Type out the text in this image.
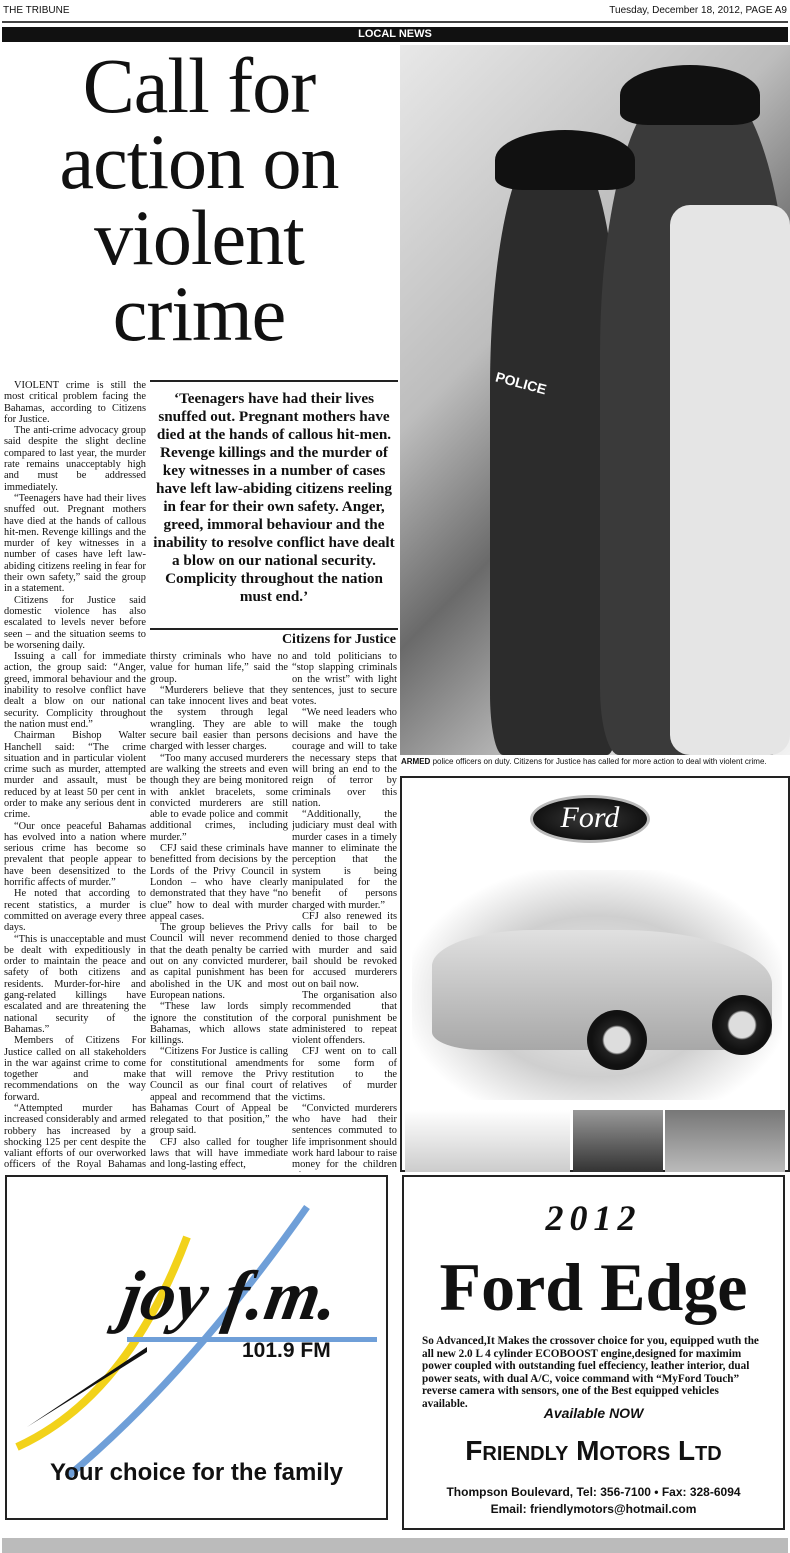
THE TRIBUNE	Tuesday, December 18, 2012, PAGE A9
LOCAL NEWS
Call for action on violent crime
POLICE
ARMED police officers on duty. Citizens for Justice has called for more action to deal with violent crime.

VIOLENT crime is still the most critical problem facing the Bahamas, according to Citizens for Justice.

The anti-crime advocacy group said despite the slight decline compared to last year, the murder rate remains unacceptably high and must be addressed immediately.

“Teenagers have had their lives snuffed out. Pregnant mothers have died at the hands of callous hit-men. Revenge killings and the murder of key witnesses in a number of cases have left law-abiding citizens reeling in fear for their own safety,” said the group in a statement.

Citizens for Justice said domestic violence has also escalated to levels never before seen – and the situation seems to be worsening daily.

Issuing a call for immediate action, the group said: “Anger, greed, immoral behaviour and the inability to resolve conflict have dealt a blow on our national security. Complicity throughout the nation must end.”

Chairman Bishop Walter Hanchell said: “The crime situation and in particular violent crime such as murder, attempted murder and assault, must be reduced by at least 50 per cent in order to make any serious dent in crime.

“Our once peaceful Bahamas has evolved into a nation where serious crime has become so prevalent that people appear to have been desensitized to the horrific affects of murder.”

He noted that according to recent statistics, a murder is committed on average every three days.

“This is unacceptable and must be dealt with expeditiously in order to maintain the peace and safety of both citizens and residents. Murder-for-hire and gang-related killings have escalated and are threatening the national security of the Bahamas.”

Members of Citizens For Justice called on all stakeholders in the war against crime to come together and make recommendations on the way forward.

“Attempted murder has increased considerably and armed robbery has increased by a shocking 125 per cent despite the valiant efforts of our overworked officers of the Royal Bahamas

thirsty criminals who have no value for human life,” said the group.

“Murderers believe that they can take innocent lives and beat the system through legal wrangling. They are able to secure bail easier than persons charged with lesser charges.

“Too many accused murderers are walking the streets and even though they are being monitored with anklet bracelets, some convicted murderers are still able to evade police and commit additional crimes, including murder.”

CFJ said these criminals have benefitted from decisions by the Lords of the Privy Council in London – who have clearly demonstrated that they have “no clue” how to deal with murder appeal cases.

The group believes the Privy Council will never recommend that the death penalty be carried out on any convicted murderer, as capital punishment has been abolished in the UK and most European nations.

“These law lords simply ignore the constitution of the Bahamas, which allows state killings.

“Citizens For Justice is calling for constitutional amendments that will remove the Privy Council as our final court of appeal and recommend that the Bahamas Court of Appeal be relegated to that position,” the group said.

CFJ also called for tougher laws that will have immediate and long-lasting effect,

and told politicians to “stop slapping criminals on the wrist” with light sentences, just to secure votes.

“We need leaders who will make the tough decisions and have the courage and will to take the necessary steps that will bring an end to the reign of terror by criminals over this nation.

“Additionally, the judiciary must deal with murder cases in a timely manner to eliminate the perception that the system is being manipulated for the benefit of persons charged with murder.”

CFJ also renewed its calls for bail to be denied to those charged with murder and said bail should be revoked for accused murderers out on bail now.

The organisation also recommended that corporal punishment be administered to repeat violent offenders.

CFJ went on to call for some form of restitution to the relatives of murder victims.

“Convicted murderers who have had their sentences commuted to life imprisonment should work hard labour to raise money for the children

‘Teenagers have had their lives snuffed out. Pregnant mothers have died at the hands of callous hit-men. Revenge killings and the murder of key witnesses in a number of cases have left law-abiding citizens reeling in fear for their own safety. Anger, greed, immoral behaviour and the inability to resolve conflict have dealt a blow on our national security. Complicity throughout the nation must end.’
Citizens for Justice
Ford
joy f.m.
101.9 FM
Your choice for the family
2012
Ford Edge
So Advanced,It Makes the crossover choice for you, equipped wuth the all new 2.0 L 4 cylinder ECOBOOST engine,designed for maximim power coupled with outstanding fuel effeciency, leather interior, dual power seats, with dual A/C, voice command with “MyFord Touch” reverse camera with sensors, one of the Best equipped vehicles available.
Available NOW
Friendly Motors Ltd
Thompson Boulevard, Tel: 356-7100 • Fax: 328-6094
Email: friendlymotors@hotmail.com
